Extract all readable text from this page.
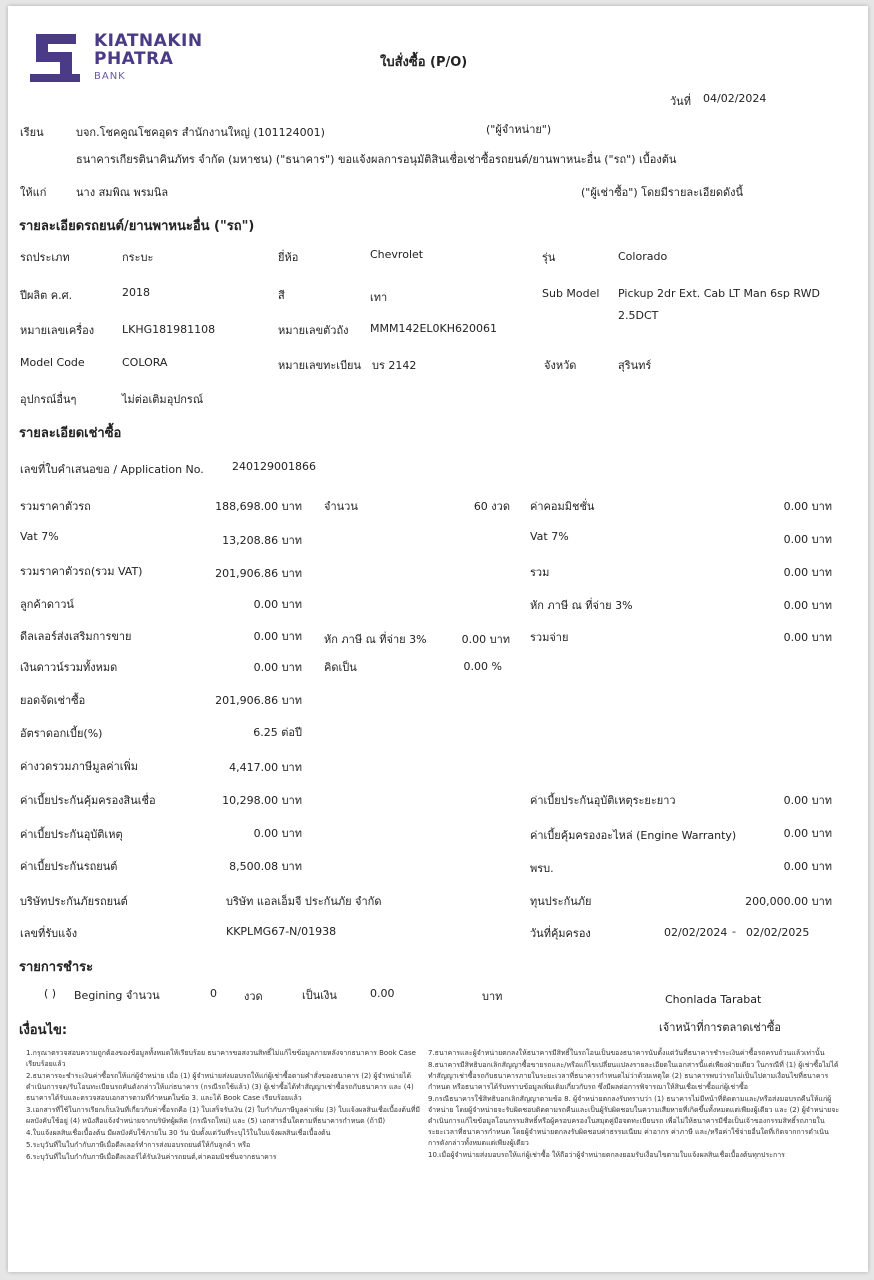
KIATNAKIN
PHATRA
BANK
ใบสั่งซื้อ (P/O)
วันที่ 04/02/2024
เรียน	บจก.โชคคูณโชคอุดร สำนักงานใหญ่ (101124001)	("ผู้จำหน่าย")
ธนาคารเกียรตินาคินภัทร จำกัด (มหาชน) ("ธนาคาร") ขอแจ้งผลการอนุมัติสินเชื่อเช่าซื้อรถยนต์/ยานพาหนะอื่น ("รถ") เบื้องต้น
ให้แก่	นาง สมพิณ พรมนิล	("ผู้เช่าซื้อ") โดยมีรายละเอียดดังนี้
รายละเอียดรถยนต์/ยานพาหนะอื่น ("รถ")
รถประเภท	กระบะ	ยี่ห้อ	Chevrolet	รุ่น	Colorado
ปีผลิต ค.ศ.	2018	สี	เทา	Sub Model Pickup 2dr Ext. Cab LT Man 6sp RWD
2.5DCT
หมายเลขเครื่อง	LKHG181981108	หมายเลขตัวถัง MMM142EL0KH620061
Model Code	COLORA	หมายเลขทะเบียน บร 2142	จังหวัด	สุรินทร์
อุปกรณ์อื่นๆ	ไม่ต่อเติมอุปกรณ์
รายละเอียดเช่าซื้อ
เลขที่ใบคำเสนอขอ / Application No.	240129001866
รวมราคาตัวรถ	188,698.00 บาท จำนวน	60 งวด ค่าคอมมิชชั่น	0.00 บาท
Vat 7%	13,208.86 บาท	Vat 7%	0.00 บาท
รวมราคาตัวรถ(รวม VAT)	201,906.86 บาท	รวม	0.00 บาท
ลูกค้าดาวน์	0.00 บาท	หัก ภาษี ณ ที่จ่าย 3%	0.00 บาท
ดีลเลอร์ส่งเสริมการขาย	0.00 บาท หัก ภาษี ณ ที่จ่าย 3%	0.00 บาท รวมจ่าย	0.00 บาท
เงินดาวน์รวมทั้งหมด	0.00 บาท คิดเป็น	0.00 %
ยอดจัดเช่าซื้อ	201,906.86 บาท
อัตราดอกเบี้ย(%)	6.25 ต่อปี
ค่างวดรวมภาษีมูลค่าเพิ่ม	4,417.00 บาท
ค่าเบี้ยประกันคุ้มครองสินเชื่อ	10,298.00 บาท	ค่าเบี้ยประกันอุบัติเหตุระยะยาว	0.00 บาท
ค่าเบี้ยประกันอุบัติเหตุ	0.00 บาท	ค่าเบี้ยคุ้มครองอะไหล่ (Engine Warranty)	0.00 บาท
ค่าเบี้ยประกันรถยนต์	8,500.08 บาท	พรบ.	0.00 บาท
บริษัทประกันภัยรถยนต์	บริษัท แอลเอ็มจี ประกันภัย จำกัด	ทุนประกันภัย	200,000.00 บาท
เลขที่รับแจ้ง	KKPLMG67-N/01938	วันที่คุ้มครอง	02/02/2024 - 02/02/2025
รายการชำระ
( ) Begining จำนวน	0 งวด	เป็นเงิน	0.00	บาท	Chonlada Tarabat
เจ้าหน้าที่การตลาดเช่าซื้อ
เงื่อนไข:
1.กรุณาตรวจสอบความถูกต้องของข้อมูลทั้งหมดให้เรียบร้อย ธนาคารขอสงวนสิทธิ์ไม่แก้ไขข้อมูลภายหลังจากธนาคาร Book Case เรียบร้อยแล้ว
2.ธนาคารจะชำระเงินค่าซื้อรถให้แก่ผู้จำหน่าย เมื่อ (1) ผู้จำหน่ายส่งมอบรถให้แก่ผู้เช่าซื้อตามคำสั่งของธนาคาร (2) ผู้จำหน่ายได้ดำเนินการจด/รับโอนทะเบียนรถคันดังกล่าวให้แก่ธนาคาร (กรณีรถใช้แล้ว) (3) ผู้เช่าซื้อได้ทำสัญญาเช่าซื้อรถกับธนาคาร และ (4) ธนาคารได้รับและตรวจสอบเอกสารตามที่กำหนดในข้อ 3. และได้ Book Case เรียบร้อยแล้ว
3.เอกสารที่ใช้ในการเรียกเก็บเงินที่เกี่ยวกับค่าซื้อรถคือ (1) ใบเสร็จรับเงิน (2) ใบกำกับภาษีมูลค่าเพิ่ม (3) ใบแจ้งผลสินเชื่อเบื้องต้นที่มีผลบังคับใช้อยู่ (4) หนังสือแจ้งจำหน่ายจากบริษัทผู้ผลิต (กรณีรถใหม่) และ (5) เอกสารอื่นใดตามที่ธนาคารกำหนด (ถ้ามี)
4.ใบแจ้งผลสินเชื่อเบื้องต้น มีผลบังคับใช้ภายใน 30 วัน นับตั้งแต่วันที่ระบุไว้ในใบแจ้งผลสินเชื่อเบื้องต้น
5.ระบุวันที่ในใบกำกับภาษีเมื่อดีลเลอร์ทำการส่งมอบรถยนต์ให้กับลูกค้า หรือ
6.ระบุวันที่ในใบกำกับภาษีเมื่อดีลเลอร์ได้รับเงินค่ารถยนต์,ค่าคอมมิชชั่นจากธนาคาร
7.ธนาคารและผู้จำหน่ายตกลงให้ธนาคารมีสิทธิ์ในรถโอนเป็นของธนาคารนับตั้งแต่วันที่ธนาคารชำระเงินค่าซื้อรถครบถ้วนแล้วเท่านั้น
8.ธนาคารมีสิทธิบอกเลิกสัญญาซื้อขายรถและ/หรือแก้ไขเปลี่ยนแปลงรายละเอียดในเอกสารนี้แต่เพียงฝ่ายเดียว ในกรณีที่ (1) ผู้เช่าซื้อไม่ได้ทำสัญญาเช่าซื้อรถกับธนาคารภายในระยะเวลาที่ธนาคารกำหนดไม่ว่าด้วยเหตุใด (2) ธนาคารพบว่ารถไม่เป็นไปตามเงื่อนไขที่ธนาคารกำหนด หรือธนาคารได้รับทราบข้อมูลเพิ่มเติมเกี่ยวกับรถ ซึ่งมีผลต่อการพิจารณาให้สินเชื่อเช่าซื้อแก่ผู้เช่าซื้อ
9.กรณีธนาคารใช้สิทธิบอกเลิกสัญญาตามข้อ 8. ผู้จำหน่ายตกลงรับทราบว่า (1) ธนาคารไม่มีหน้าที่ติดตามและ/หรือส่งมอบรถคืนให้แก่ผู้จำหน่าย โดยผู้จำหน่ายจะรับผิดชอบติดตามรถคืนและเป็นผู้รับผิดชอบในความเสียหายที่เกิดขึ้นทั้งหมดแต่เพียงผู้เดียว และ (2) ผู้จำหน่ายจะดำเนินการแก้ไขข้อมูลโอนกรรมสิทธิ์หรือผู้ครอบครองในสมุดคู่มือจดทะเบียนรถ เพื่อไม่ให้ธนาคารมีชื่อเป็นเจ้าของกรรมสิทธิ์รถภายในระยะเวลาที่ธนาคารกำหนด โดยผู้จำหน่ายตกลงรับผิดชอบค่าธรรมเนียม ค่าอากร ค่าภาษี และ/หรือค่าใช้จ่ายอื่นใดที่เกิดจากการดำเนินการดังกล่าวทั้งหมดแต่เพียงผู้เดียว
10.เมื่อผู้จำหน่ายส่งมอบรถให้แก่ผู้เช่าซื้อ ให้ถือว่าผู้จำหน่ายตกลงยอมรับเงื่อนไขตามใบแจ้งผลสินเชื่อเบื้องต้นทุกประการ
